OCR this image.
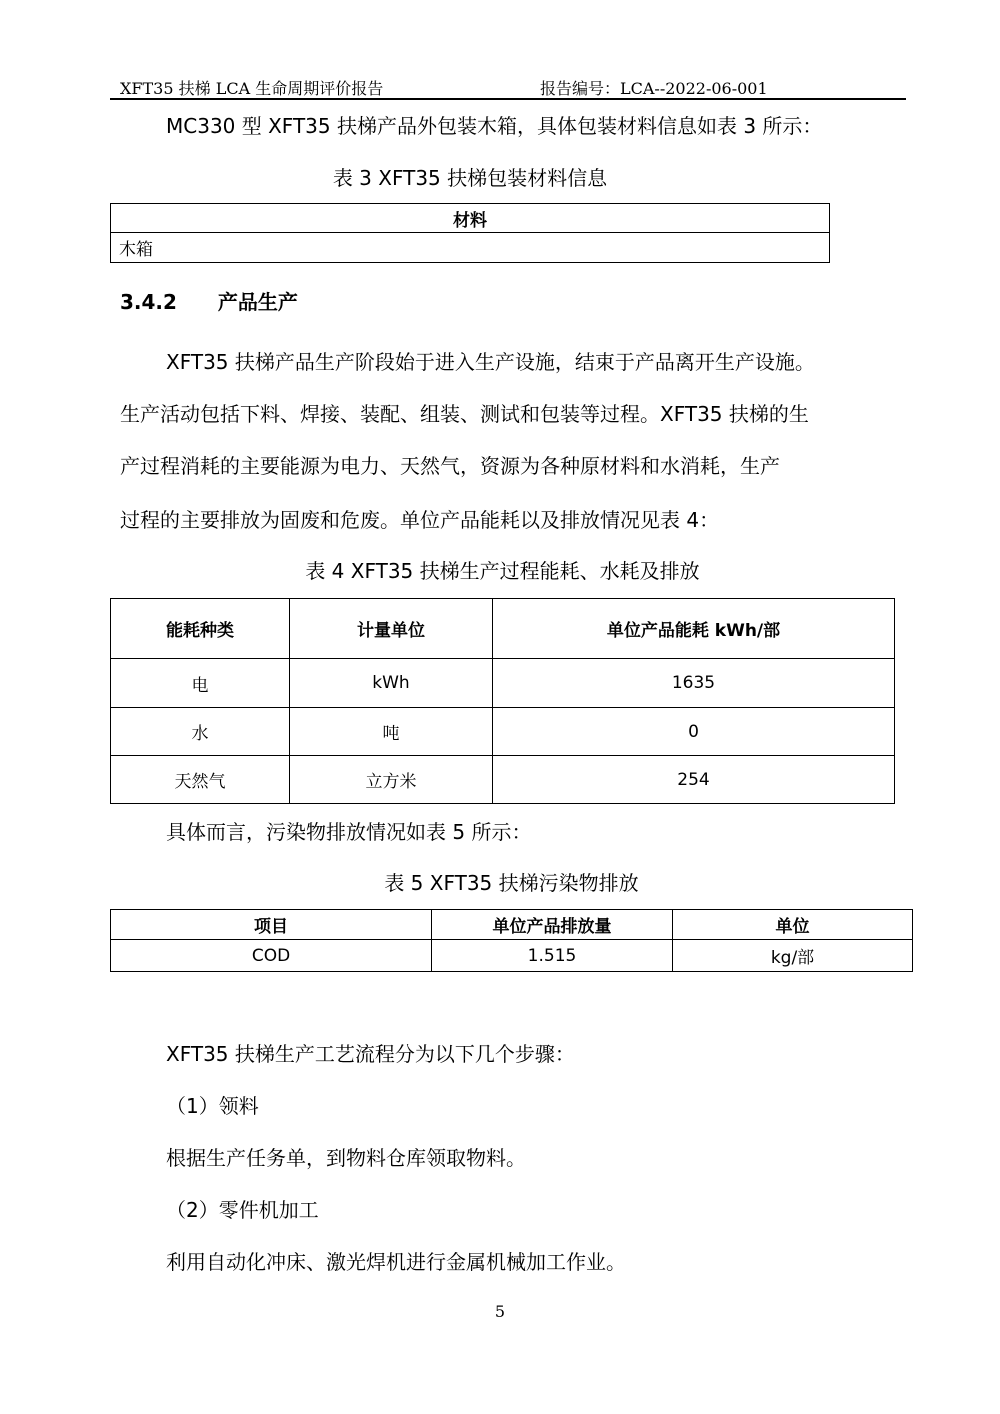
XFT35 扶梯 LCA 生命周期评价报告	报告编号：LCA--2022-06-001
MC330 型 XFT35 扶梯产品外包装木箱，具体包装材料信息如表 3 所示：
表 3 XFT35 扶梯包装材料信息
材料
木箱
3.4.2 产品生产
XFT35 扶梯产品生产阶段始于进入生产设施，结束于产品离开生产设施。
生产活动包括下料、焊接、装配、组装、测试和包装等过程。XFT35 扶梯的生
产过程消耗的主要能源为电力、天然气，资源为各种原材料和水消耗，生产
过程的主要排放为固废和危废。单位产品能耗以及排放情况见表 4：
表 4 XFT35 扶梯生产过程能耗、水耗及排放
能耗种类	计量单位	单位产品能耗 kWh/部
电	kWh	1635
水	吨	0
天然气	立方米	254
具体而言，污染物排放情况如表 5 所示：
表 5 XFT35 扶梯污染物排放
项目	单位产品排放量	单位
COD	1.515	kg/部
XFT35 扶梯生产工艺流程分为以下几个步骤：
（1）领料
根据生产任务单，到物料仓库领取物料。
（2）零件机加工
利用自动化冲床、激光焊机进行金属机械加工作业。
5
